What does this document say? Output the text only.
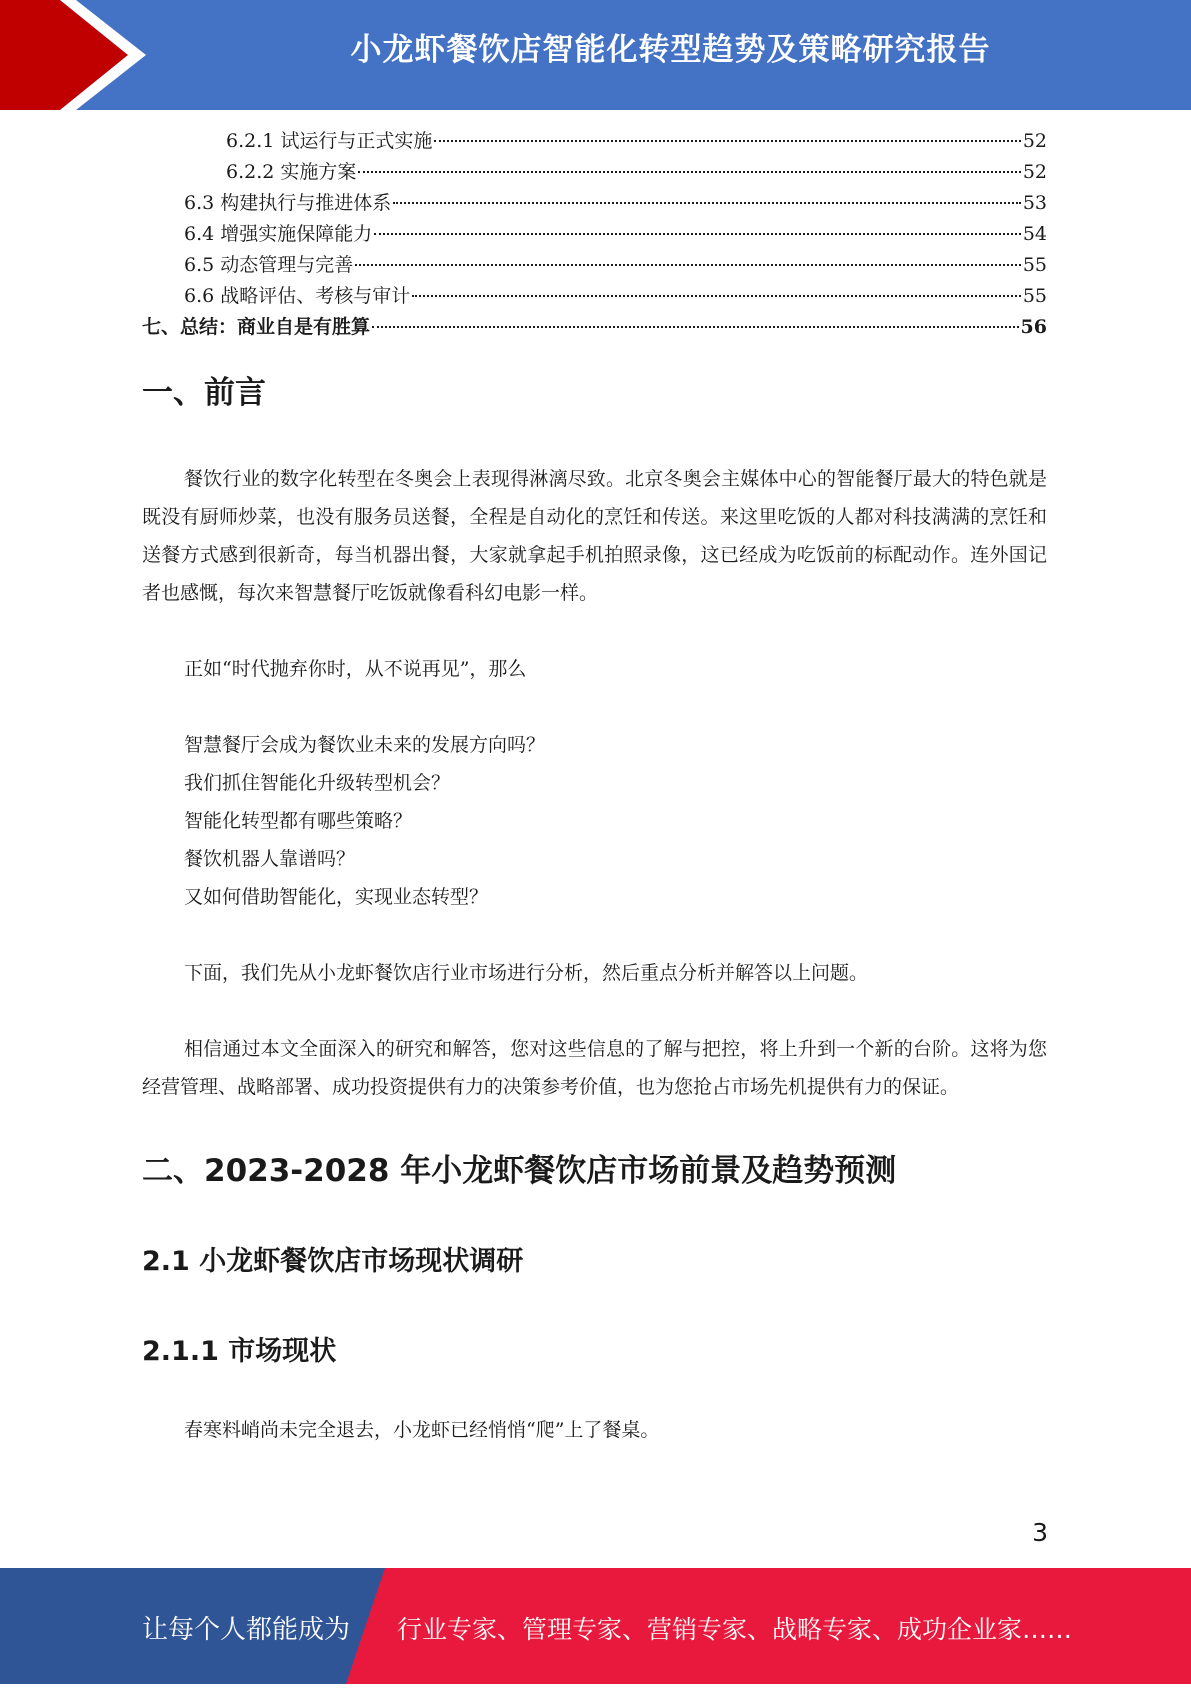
小龙虾餐饮店智能化转型趋势及策略研究报告
6.2.1 试运行与正式实施	52
6.2.2 实施方案	52
6.3 构建执行与推进体系	53
6.4 增强实施保障能力	54
6.5 动态管理与完善	55
6.6 战略评估、考核与审计	55
七、总结：商业自是有胜算	56
一、前言

餐饮行业的数字化转型在冬奥会上表现得淋漓尽致。北京冬奥会主媒体中心的智能餐厅最大的特色就是既没有厨师炒菜，也没有服务员送餐，全程是自动化的烹饪和传送。来这里吃饭的人都对科技满满的烹饪和送餐方式感到很新奇，每当机器出餐，大家就拿起手机拍照录像，这已经成为吃饭前的标配动作。连外国记者也感慨，每次来智慧餐厅吃饭就像看科幻电影一样。

正如“时代抛弃你时，从不说再见”，那么

智慧餐厅会成为餐饮业未来的发展方向吗？

我们抓住智能化升级转型机会？

智能化转型都有哪些策略？

餐饮机器人靠谱吗？

又如何借助智能化，实现业态转型？

下面，我们先从小龙虾餐饮店行业市场进行分析，然后重点分析并解答以上问题。

相信通过本文全面深入的研究和解答，您对这些信息的了解与把控，将上升到一个新的台阶。这将为您经营管理、战略部署、成功投资提供有力的决策参考价值，也为您抢占市场先机提供有力的保证。

二、2023-2028 年小龙虾餐饮店市场前景及趋势预测
2.1 小龙虾餐饮店市场现状调研
2.1.1 市场现状

春寒料峭尚未完全退去，小龙虾已经悄悄“爬”上了餐桌。

3
让每个人都能成为 行业专家、管理专家、营销专家、战略专家、成功企业家……
